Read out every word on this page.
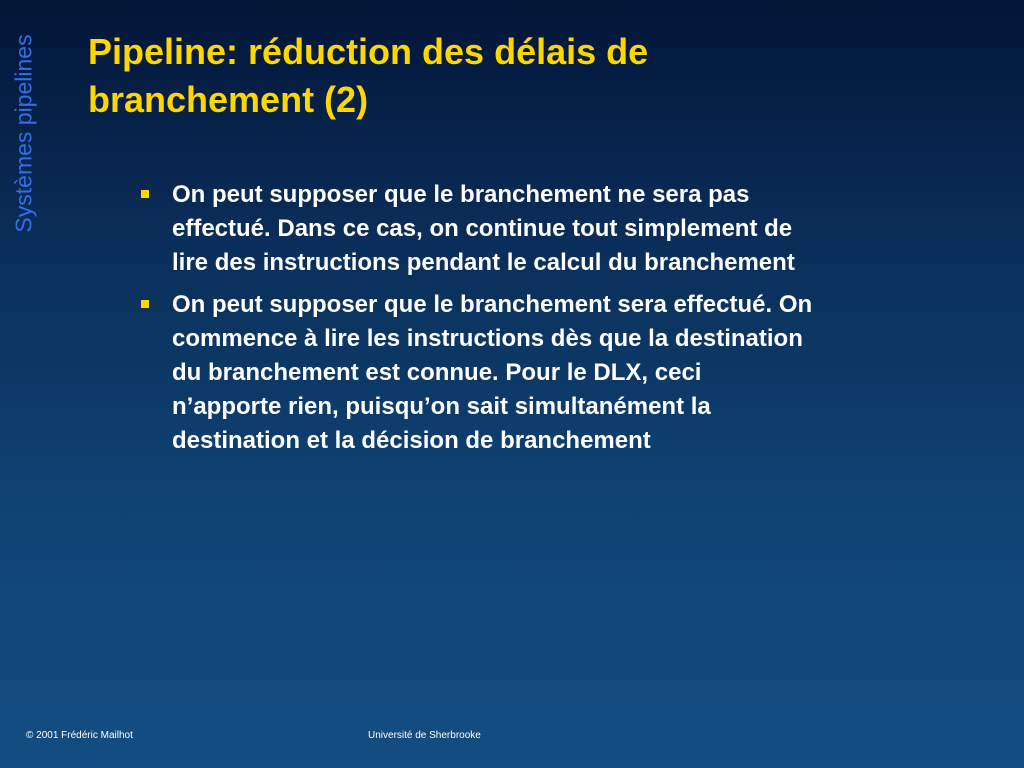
Systèmes pipelines Pipeline: réduction des délais de
branchement (2)
On peut supposer que le branchement ne sera pas
effectué. Dans ce cas, on continue tout simplement de
lire des instructions pendant le calcul du branchement
On peut supposer que le branchement sera effectué. On
commence à lire les instructions dès que la destination
du branchement est connue. Pour le DLX, ceci
n’apporte rien, puisqu’on sait simultanément la
destination et la décision de branchement
© 2001 Frédéric Mailhot	Université de Sherbrooke
